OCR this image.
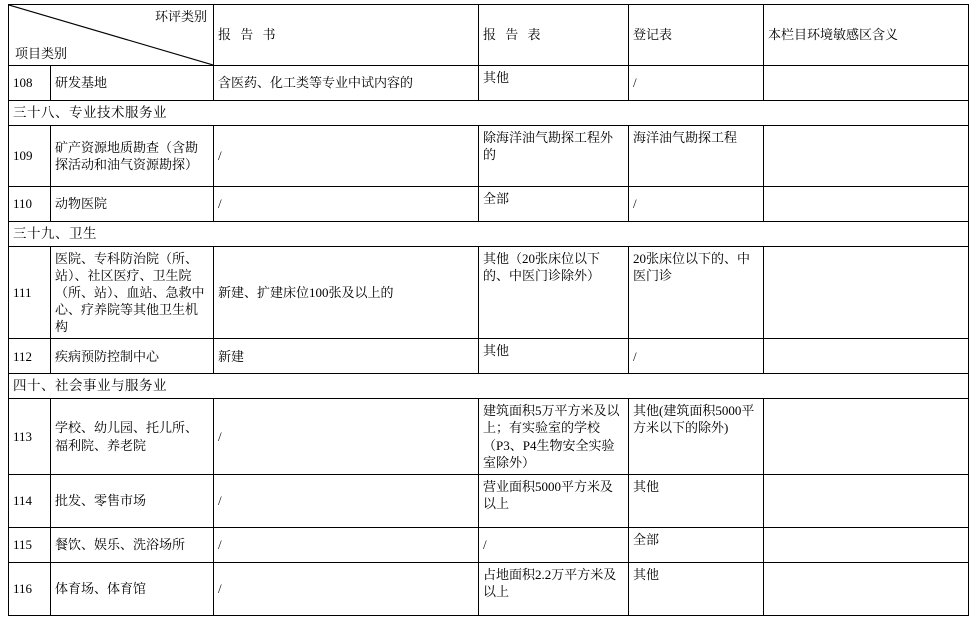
环评类别
项目类别		报 告 书	报 告 表	登记表	本栏目环境敏感区含义
108	研发基地	含医药、化工类等专业中试内容的	其他	/	
三十八、专业技术服务业					
109	矿产资源地质勘查（含勘探活动和油气资源勘探）	/	除海洋油气勘探工程外的	海洋油气勘探工程	
110	动物医院	/	全部	/	
三十九、卫生					
111	医院、专科防治院（所、站）、社区医疗、卫生院（所、站）、血站、急救中心、疗养院等其他卫生机构	新建、扩建床位100张及以上的	其他（20张床位以下的、中医门诊除外）	20张床位以下的、中医门诊	
112	疾病预防控制中心	新建	其他	/	
四十、社会事业与服务业					
113	学校、幼儿园、托儿所、福利院、养老院	/	建筑面积5万平方米及以上；有实验室的学校（P3、P4生物安全实验室除外）	其他(建筑面积5000平方米以下的除外)	
114	批发、零售市场	/	营业面积5000平方米及以上	其他	
115	餐饮、娱乐、洗浴场所	/	/	全部	
116	体育场、体育馆	/	占地面积2.2万平方米及以上	其他	
